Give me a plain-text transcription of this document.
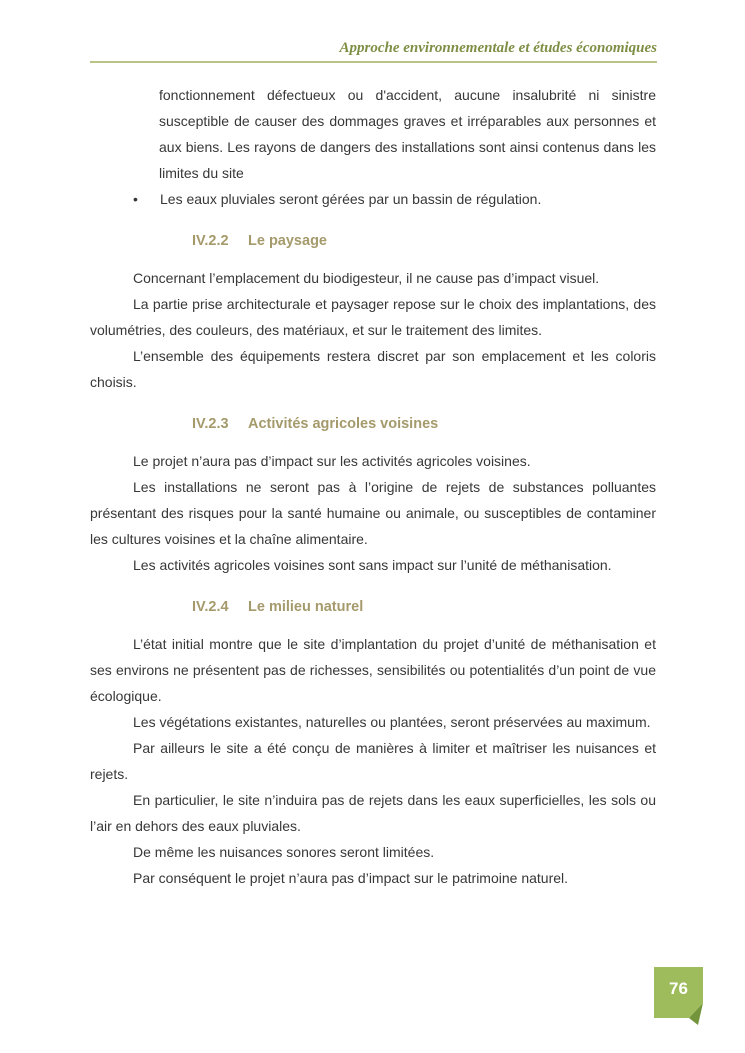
Approche environnementale et études économiques

fonctionnement défectueux ou d'accident, aucune insalubrité ni sinistre susceptible de causer des dommages graves et irréparables aux personnes et aux biens. Les rayons de dangers des installations sont ainsi contenus dans les limites du site

•	Les eaux pluviales seront gérées par un bassin de régulation.
IV.2.2 Le paysage

Concernant l’emplacement du biodigesteur, il ne cause pas d’impact visuel.

La partie prise architecturale et paysager repose sur le choix des implantations, des volumétries, des couleurs, des matériaux, et sur le traitement des limites.

L’ensemble des équipements restera discret par son emplacement et les coloris choisis.

IV.2.3 Activités agricoles voisines

Le projet n’aura pas d’impact sur les activités agricoles voisines.

Les installations ne seront pas à l’origine de rejets de substances polluantes présentant des risques pour la santé humaine ou animale, ou susceptibles de contaminer les cultures voisines et la chaîne alimentaire.

Les activités agricoles voisines sont sans impact sur l’unité de méthanisation.

IV.2.4 Le milieu naturel

L’état initial montre que le site d’implantation du projet d’unité de méthanisation et ses environs ne présentent pas de richesses, sensibilités ou potentialités d’un point de vue écologique.

Les végétations existantes, naturelles ou plantées, seront préservées au maximum.

Par ailleurs le site a été conçu de manières à limiter et maîtriser les nuisances et rejets.

En particulier, le site n’induira pas de rejets dans les eaux superficielles, les sols ou l’air en dehors des eaux pluviales.

De même les nuisances sonores seront limitées.

Par conséquent le projet n’aura pas d’impact sur le patrimoine naturel.

76
